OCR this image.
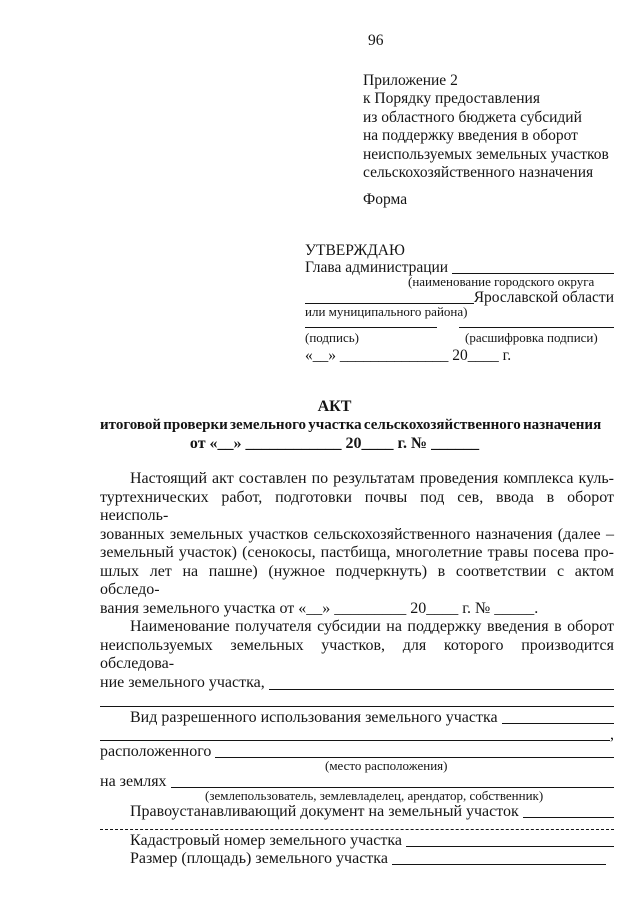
96
Приложение 2
к Порядку предоставления
из областного бюджета субсидий
на поддержку введения в оборот
неиспользуемых земельных участков
сельскохозяйственного назначения
Форма
УТВЕРЖДАЮ
Глава администрации
(наименование городского округа
Ярославской области
или муниципального района)
(подпись)	(расшифровка подписи)
«__» ______________ 20____ г.
АКТ
итоговой проверки земельного участка сельскохозяйственного назначения
от «__» ____________ 20____ г. № ______
Настоящий акт составлен по результатам проведения комплекса куль-
туртехнических работ, подготовки почвы под сев, ввода в оборот неисполь-
зованных земельных участков сельскохозяйственного назначения (далее –
земельный участок) (сенокосы, пастбища, многолетние травы посева про-
шлых лет на пашне) (нужное подчеркнуть) в соответствии с актом обследо-
вания земельного участка от «__» _________ 20____ г. № _____.
Наименование получателя субсидии на поддержку введения в оборот
неиспользуемых земельных участков, для которого производится обследова-
ние земельного участка,
Вид разрешенного использования земельного участка
,
расположенного
(место расположения)
на землях
(землепользователь, землевладелец, арендатор, собственник)
Правоустанавливающий документ на земельный участок
Кадастровый номер земельного участка
Размер (площадь) земельного участка
